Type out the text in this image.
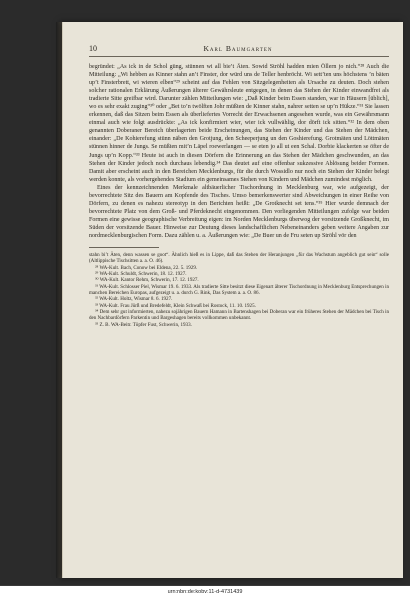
10	Karl Baumgarten

begründet: „As ick in de Schol güng, stünnen wi all bie’t Äten. Sowid Ströhl hadden mien Öllern jo nich.“²⁸ Auch die Mitteilung: „Wi hebben as Kinner stahn an’t Finster, dor würd uns de Teller henbröcht. Wi sett’ten uns höchstens ’n bäten up’t Finsterbrett, wi wieren elben“²⁹ scheint auf das Fehlen von Sitzgelegenheiten als Ursache zu deuten. Doch stehen solcher rationalen Erklärung Äußerungen älterer Gewährsleute entgegen, in denen das Stehen der Kinder einwandfrei als tradierte Sitte greifbar wird. Darunter zählen Mitteilungen wie: „Daß Kinder beim Essen standen, war in Häusern [üblich], wo es sehr exakt zuging“³⁰ oder „Bet to’n twölften Johr müßten de Kinner stahn, nahrer setten se up’n Hükze.“³¹ Sie lassen erkennen, daß das Sitzen beim Essen als überliefertes Vorrecht der Erwachsenen angesehen wurde, was ein Gewährsmann einmal auch wie folgt ausdrückte: „As ick konfirmiert wier, wier ick vullwählig, dor dörft ick sitten.“³² In dem oben genannten Doberaner Bereich überlagerten beide Erscheinungen, das Stehen der Kinder und das Stehen der Mädchen, einander: „De Kohierefung stünn näben den Grotjung, den Scheeperjung un den Goshierefung. Grotmäten und Löttmäten stünnen hinner de Jungs. Se müßten mit’n Läpel roewerlangen — se eten jo all ut een Schal. Dorbie klackerten se öfter de Jungs up’n Kopp.“³³ Heute ist auch in diesen Dörfern die Erinnerung an das Stehen der Mädchen geschwunden, an das Stehen der Kinder jedoch noch durchaus lebendig.³⁴ Das deutet auf eine offenbar sukzessive Ablösung beider Formen. Damit aber erscheint auch in den Bereichen Mecklenburgs, für die durch Wossidlo nur noch ein Stehen der Kinder belegt werden konnte, als vorhergehendes Stadium ein gemeinsames Stehen von Kindern und Mädchen zumindest möglich.

Eines der kennzeichnenden Merkmale altbäuerlicher Tischordnung in Mecklenburg war, wie aufgezeigt, der bevorrechtete Sitz des Bauern am Kopfende des Tisches. Umso bemerkenswerter sind Abweichungen in einer Reihe von Dörfern, zu denen es nahezu stereotyp in den Berichten heißt: „De Grotknecht set tens.“³⁵ Hier wurde demnach der bevorrechtete Platz von dem Groß- und Pferdeknecht eingenommen. Den vorliegenden Mitteilungen zufolge war beiden Formen eine gewisse geographische Verbreitung eigen: im Norden Mecklenburgs überwog der vorsitzende Großknecht, im Süden der vorsitzende Bauer. Hinweise zur Deutung dieses landschaftlichen Nebeneinanders geben weitere Angaben zur nordmecklenburgischen Form. Dazu zählen u. a. Äußerungen wie: „De Buer un de Fru seten up Ströhl vör den

stahn bi’t Äten, denn wassen se goot“. Ähnlich hieß es in Lippe, daß das Stehen der Heranjungen „für das Wachstum angeblich gut sein“ solle (Altlippische Tischsitten a. a. O. 46).

²⁸ WA-Kult. Bach, Conow bei Eldena, 22. 5. 1929.

²⁹ WA-Kult. Schuldt, Schwerin, 18. 12. 1927.

³⁰ WA-Kult. Kantor Rehm, Schwerin, 17. 12. 1927.

³¹ WA-Kult. Schlosser Piel, Wismar 19. 6. 1933. Als tradierte Sitte besitzt diese Eigenart älterer Tischordnung in Mecklenburg Entsprechungen in manchen Bereichen Europas, aufgezeigt u. a. durch G. Rink, Das System a. a. O. 86.

³² WA-Kult. Holtz, Wismar 8. 6. 1927.

³³ WA-Kult. Frau Jürß und Bredefeldt, Klein Schwaß bei Rostock, 11. 10. 1925.

³⁴ Dem sehr gut informierten, nahezu sojährigen Bauern Hamann in Bartenshagen bei Doberan war ein früheres Stehen der Mädchen bei Tisch in den Nachbardörfern Parkentin und Bargeshagen bereits vollkommen unbekannt.

³⁵ Z. B. WA-Beitr. Töpfer Fust, Schwerin, 1933.

urn:nbn:de:kobv:11-d-4731439
